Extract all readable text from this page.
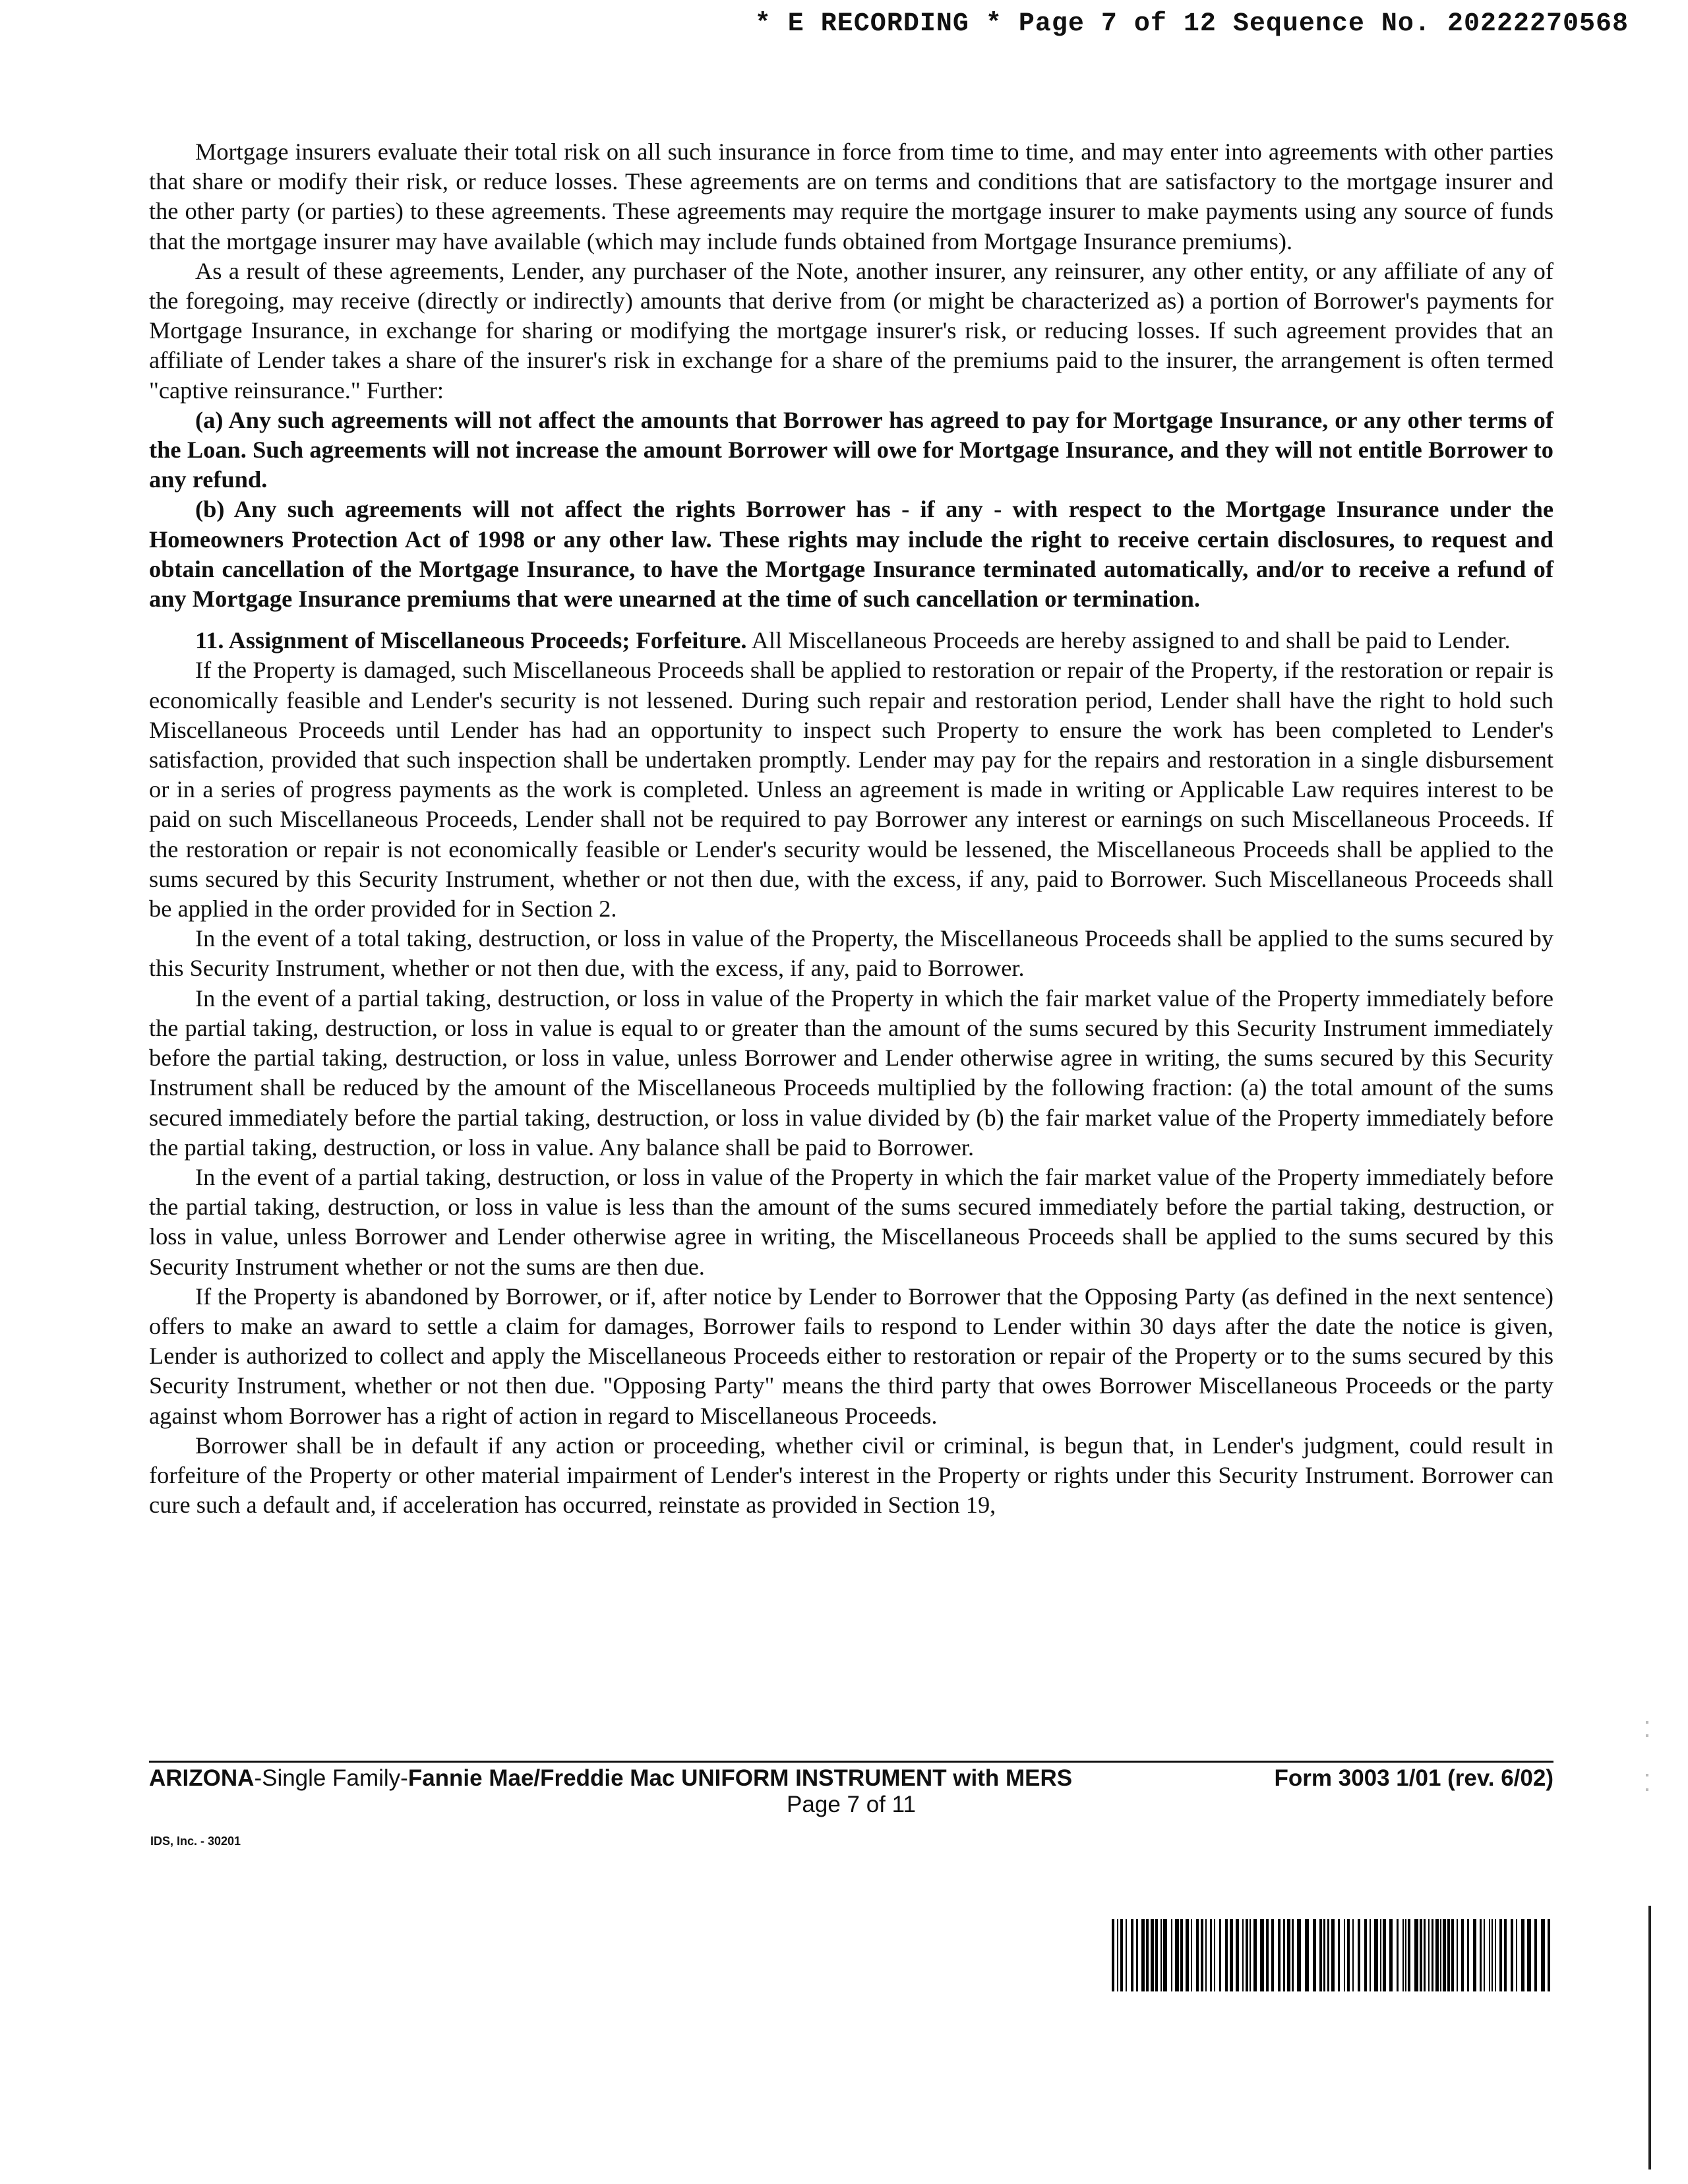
* E RECORDING * Page 7 of 12 Sequence No. 20222270568

Mortgage insurers evaluate their total risk on all such insurance in force from time to time, and may enter into agreements with other parties that share or modify their risk, or reduce losses. These agreements are on terms and conditions that are satisfactory to the mortgage insurer and the other party (or parties) to these agreements. These agreements may require the mortgage insurer to make payments using any source of funds that the mortgage insurer may have available (which may include funds obtained from Mortgage Insurance premiums).

As a result of these agreements, Lender, any purchaser of the Note, another insurer, any reinsurer, any other entity, or any affiliate of any of the foregoing, may receive (directly or indirectly) amounts that derive from (or might be characterized as) a portion of Borrower's payments for Mortgage Insurance, in exchange for sharing or modifying the mortgage insurer's risk, or reducing losses. If such agreement provides that an affiliate of Lender takes a share of the insurer's risk in exchange for a share of the premiums paid to the insurer, the arrangement is often termed "captive reinsurance." Further:

(a) Any such agreements will not affect the amounts that Borrower has agreed to pay for Mortgage Insurance, or any other terms of the Loan. Such agreements will not increase the amount Borrower will owe for Mortgage Insurance, and they will not entitle Borrower to any refund.

(b) Any such agreements will not affect the rights Borrower has - if any - with respect to the Mortgage Insurance under the Homeowners Protection Act of 1998 or any other law. These rights may include the right to receive certain disclosures, to request and obtain cancellation of the Mortgage Insurance, to have the Mortgage Insurance terminated automatically, and/or to receive a refund of any Mortgage Insurance premiums that were unearned at the time of such cancellation or termination.

11. Assignment of Miscellaneous Proceeds; Forfeiture. All Miscellaneous Proceeds are hereby assigned to and shall be paid to Lender.

If the Property is damaged, such Miscellaneous Proceeds shall be applied to restoration or repair of the Property, if the restoration or repair is economically feasible and Lender's security is not lessened. During such repair and restoration period, Lender shall have the right to hold such Miscellaneous Proceeds until Lender has had an opportunity to inspect such Property to ensure the work has been completed to Lender's satisfaction, provided that such inspection shall be undertaken promptly. Lender may pay for the repairs and restoration in a single disbursement or in a series of progress payments as the work is completed. Unless an agreement is made in writing or Applicable Law requires interest to be paid on such Miscellaneous Proceeds, Lender shall not be required to pay Borrower any interest or earnings on such Miscellaneous Proceeds. If the restoration or repair is not economically feasible or Lender's security would be lessened, the Miscellaneous Proceeds shall be applied to the sums secured by this Security Instrument, whether or not then due, with the excess, if any, paid to Borrower. Such Miscellaneous Proceeds shall be applied in the order provided for in Section 2.

In the event of a total taking, destruction, or loss in value of the Property, the Miscellaneous Proceeds shall be applied to the sums secured by this Security Instrument, whether or not then due, with the excess, if any, paid to Borrower.

In the event of a partial taking, destruction, or loss in value of the Property in which the fair market value of the Property immediately before the partial taking, destruction, or loss in value is equal to or greater than the amount of the sums secured by this Security Instrument immediately before the partial taking, destruction, or loss in value, unless Borrower and Lender otherwise agree in writing, the sums secured by this Security Instrument shall be reduced by the amount of the Miscellaneous Proceeds multiplied by the following fraction: (a) the total amount of the sums secured immediately before the partial taking, destruction, or loss in value divided by (b) the fair market value of the Property immediately before the partial taking, destruction, or loss in value. Any balance shall be paid to Borrower.

In the event of a partial taking, destruction, or loss in value of the Property in which the fair market value of the Property immediately before the partial taking, destruction, or loss in value is less than the amount of the sums secured immediately before the partial taking, destruction, or loss in value, unless Borrower and Lender otherwise agree in writing, the Miscellaneous Proceeds shall be applied to the sums secured by this Security Instrument whether or not the sums are then due.

If the Property is abandoned by Borrower, or if, after notice by Lender to Borrower that the Opposing Party (as defined in the next sentence) offers to make an award to settle a claim for damages, Borrower fails to respond to Lender within 30 days after the date the notice is given, Lender is authorized to collect and apply the Miscellaneous Proceeds either to restoration or repair of the Property or to the sums secured by this Security Instrument, whether or not then due. "Opposing Party" means the third party that owes Borrower Miscellaneous Proceeds or the party against whom Borrower has a right of action in regard to Miscellaneous Proceeds.

Borrower shall be in default if any action or proceeding, whether civil or criminal, is begun that, in Lender's judgment, could result in forfeiture of the Property or other material impairment of Lender's interest in the Property or rights under this Security Instrument. Borrower can cure such a default and, if acceleration has occurred, reinstate as provided in Section 19,

ARIZONA-Single Family-Fannie Mae/Freddie Mac UNIFORM INSTRUMENT with MERS	Form 3003 1/01 (rev. 6/02)
Page 7 of 11
IDS, Inc. - 30201
